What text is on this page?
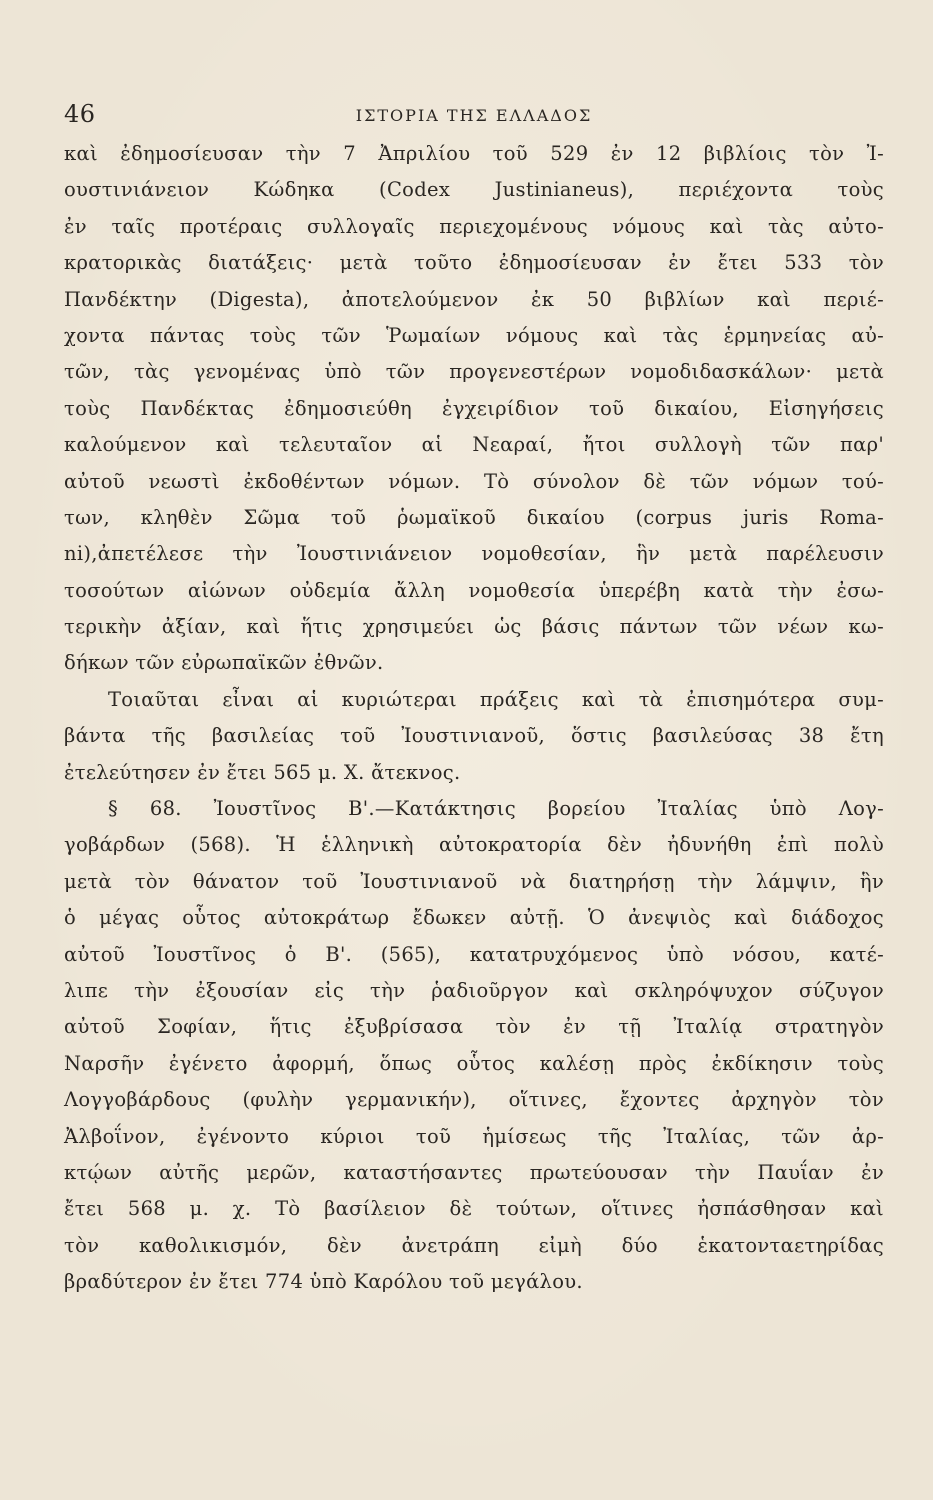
46	ΙΣΤΟΡΙΑ ΤΗΣ ΕΛΛΑΔΟΣ
καὶ ἐδημοσίευσαν τὴν 7 Ἀπριλίου τοῦ 529 ἐν 12 βιβλίοις τὸν Ἰ-
ουστινιάνειον Κώδηκα (Codex Justinianeus), περιέχοντα τοὺς
ἐν ταῖς προτέραις συλλογαῖς περιεχομένους νόμους καὶ τὰς αὐτο-
κρατορικὰς διατάξεις· μετὰ τοῦτο ἐδημοσίευσαν ἐν ἔτει 533 τὸν
Πανδέκτην (Digesta), ἀποτελούμενον ἐκ 50 βιβλίων καὶ περιέ-
χοντα πάντας τοὺς τῶν Ῥωμαίων νόμους καὶ τὰς ἑρμηνείας αὐ-
τῶν, τὰς γενομένας ὑπὸ τῶν προγενεστέρων νομοδιδασκάλων· μετὰ
τοὺς Πανδέκτας ἐδημοσιεύθη ἐγχειρίδιον τοῦ δικαίου, Εἰσηγήσεις
καλούμενον καὶ τελευταῖον αἱ Νεαραί, ἤτοι συλλογὴ τῶν παρ'
αὐτοῦ νεωστὶ ἐκδοθέντων νόμων. Τὸ σύνολον δὲ τῶν νόμων τού-
των, κληθὲν Σῶμα τοῦ ῥωμαϊκοῦ δικαίου (corpus juris Roma-
ni),ἀπετέλεσε τὴν Ἰουστινιάνειον νομοθεσίαν, ἣν μετὰ παρέλευσιν
τοσούτων αἰώνων οὐδεμία ἄλλη νομοθεσία ὑπερέβη κατὰ τὴν ἐσω-
τερικὴν ἀξίαν, καὶ ἥτις χρησιμεύει ὡς βάσις πάντων τῶν νέων κω-
δήκων τῶν εὐρωπαϊκῶν ἐθνῶν.
Τοιαῦται εἶναι αἱ κυριώτεραι πράξεις καὶ τὰ ἐπισημότερα συμ-
βάντα τῆς βασιλείας τοῦ Ἰουστινιανοῦ, ὅστις βασιλεύσας 38 ἔτη
ἐτελεύτησεν ἐν ἔτει 565 μ. Χ. ἄτεκνος.
§ 68. Ἰουστῖνος Β'.—Κατάκτησις βορείου Ἰταλίας ὑπὸ Λογ-
γοβάρδων (568). Ἡ ἑλληνικὴ αὐτοκρατορία δὲν ἠδυνήθη ἐπὶ πολὺ
μετὰ τὸν θάνατον τοῦ Ἰουστινιανοῦ νὰ διατηρήσῃ τὴν λάμψιν, ἣν
ὁ μέγας οὗτος αὐτοκράτωρ ἔδωκεν αὐτῇ. Ὁ ἀνεψιὸς καὶ διάδοχος
αὐτοῦ Ἰουστῖνος ὁ Β'. (565), κατατρυχόμενος ὑπὸ νόσου, κατέ-
λιπε τὴν ἐξουσίαν εἰς τὴν ῥαδιοῦργον καὶ σκληρόψυχον σύζυγον
αὐτοῦ Σοφίαν, ἥτις ἐξυβρίσασα τὸν ἐν τῇ Ἰταλίᾳ στρατηγὸν
Ναρσῆν ἐγένετο ἀφορμή, ὅπως οὗτος καλέσῃ πρὸς ἐκδίκησιν τοὺς
Λογγοβάρδους (φυλὴν γερμανικήν), οἵτινες, ἔχοντες ἀρχηγὸν τὸν
Ἀλβοΐνον, ἐγένοντο κύριοι τοῦ ἡμίσεως τῆς Ἰταλίας, τῶν ἀρ-
κτῴων αὐτῆς μερῶν, καταστήσαντες πρωτεύουσαν τὴν Παυΐαν ἐν
ἔτει 568 μ. χ. Τὸ βασίλειον δὲ τούτων, οἵτινες ἠσπάσθησαν καὶ
τὸν καθολικισμόν, δὲν ἀνετράπη εἰμὴ δύο ἑκατονταετηρίδας
βραδύτερον ἐν ἔτει 774 ὑπὸ Καρόλου τοῦ μεγάλου.
